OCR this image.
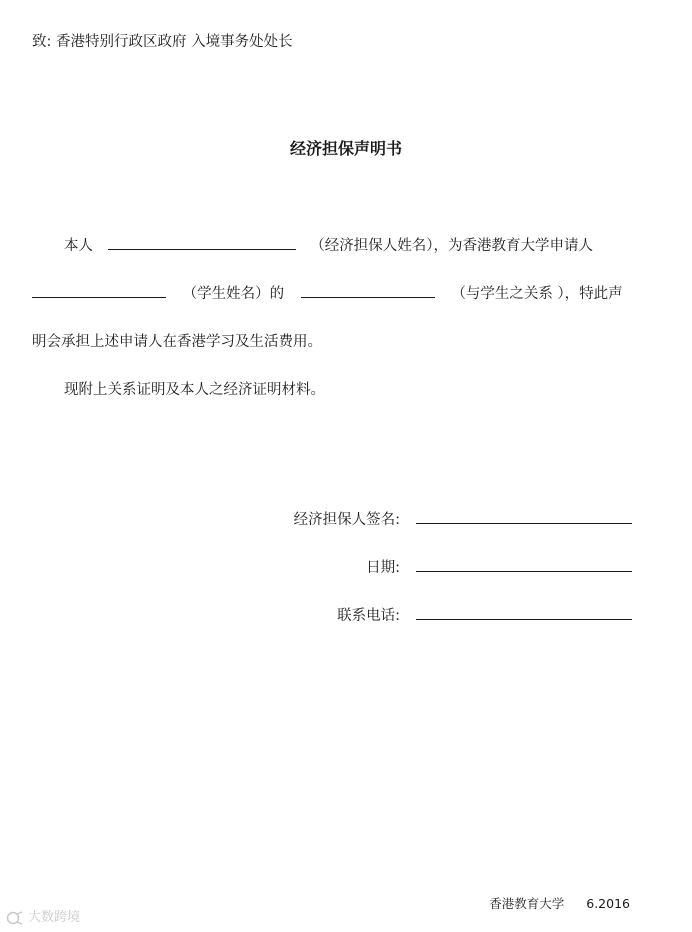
致: 香港特别行政区政府 入境事务处处长
经济担保声明书
本人	（经济担保人姓名），为香港教育大学申请人
（学生姓名）的	（与学生之关系 ），特此声
明会承担上述申请人在香港学习及生活费用。
现附上关系证明及本人之经济证明材料。
经济担保人签名:
日期:
联系电话:
香港教育大学 6.2016
大数跨境
